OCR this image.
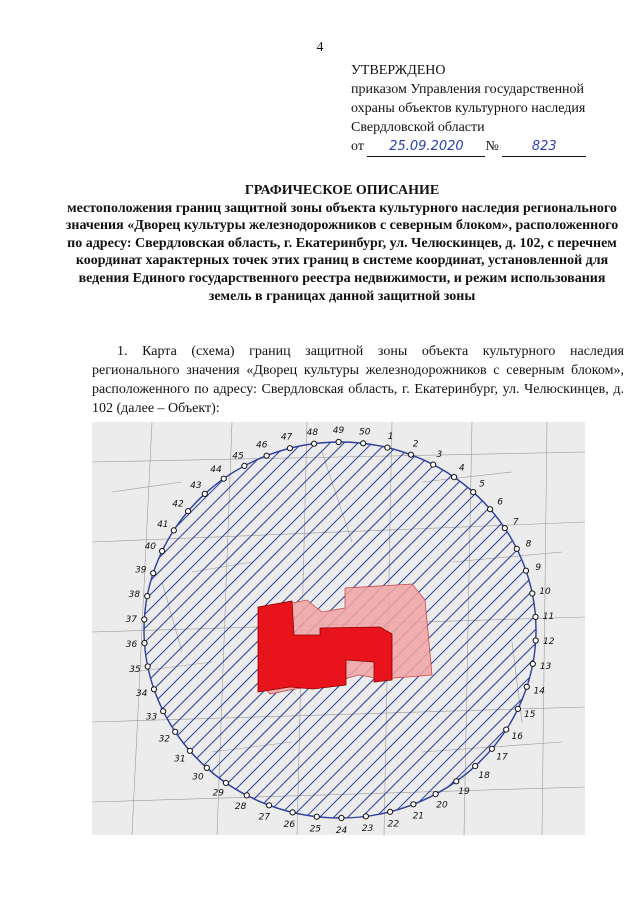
4
УТВЕРЖДЕНО
приказом Управления государственной
охраны объектов культурного наследия
Свердловской области
от 25.09.2020 №	823
ГРАФИЧЕСКОЕ ОПИСАНИЕ
местоположения границ защитной зоны объекта культурного наследия регионального значения «Дворец культуры железнодорожников с северным блоком», расположенного по адресу: Свердловская область, г. Екатеринбург, ул. Челюскинцев, д. 102, с перечнем координат характерных точек этих границ в системе координат, установленной для ведения Единого государственного реестра недвижимости, и режим использования земель в границах данной защитной зоны
1. Карта (схема) границ защитной зоны объекта культурного наследия регионального значения «Дворец культуры железнодорожников с северным блоком», расположенного по адресу: Свердловская область, г. Екатеринбург, ул. Челюскинцев, д. 102 (далее – Объект):
1
2
3
4
5
6
7
8
9
10
11
12
13
14
15
16
17
18
19
20
21
22
23
24
25
26
27
28
29
30
31
32
33
34
35
36
37
38
39
40
41
42
43
44
45
46
47 48 49 50
